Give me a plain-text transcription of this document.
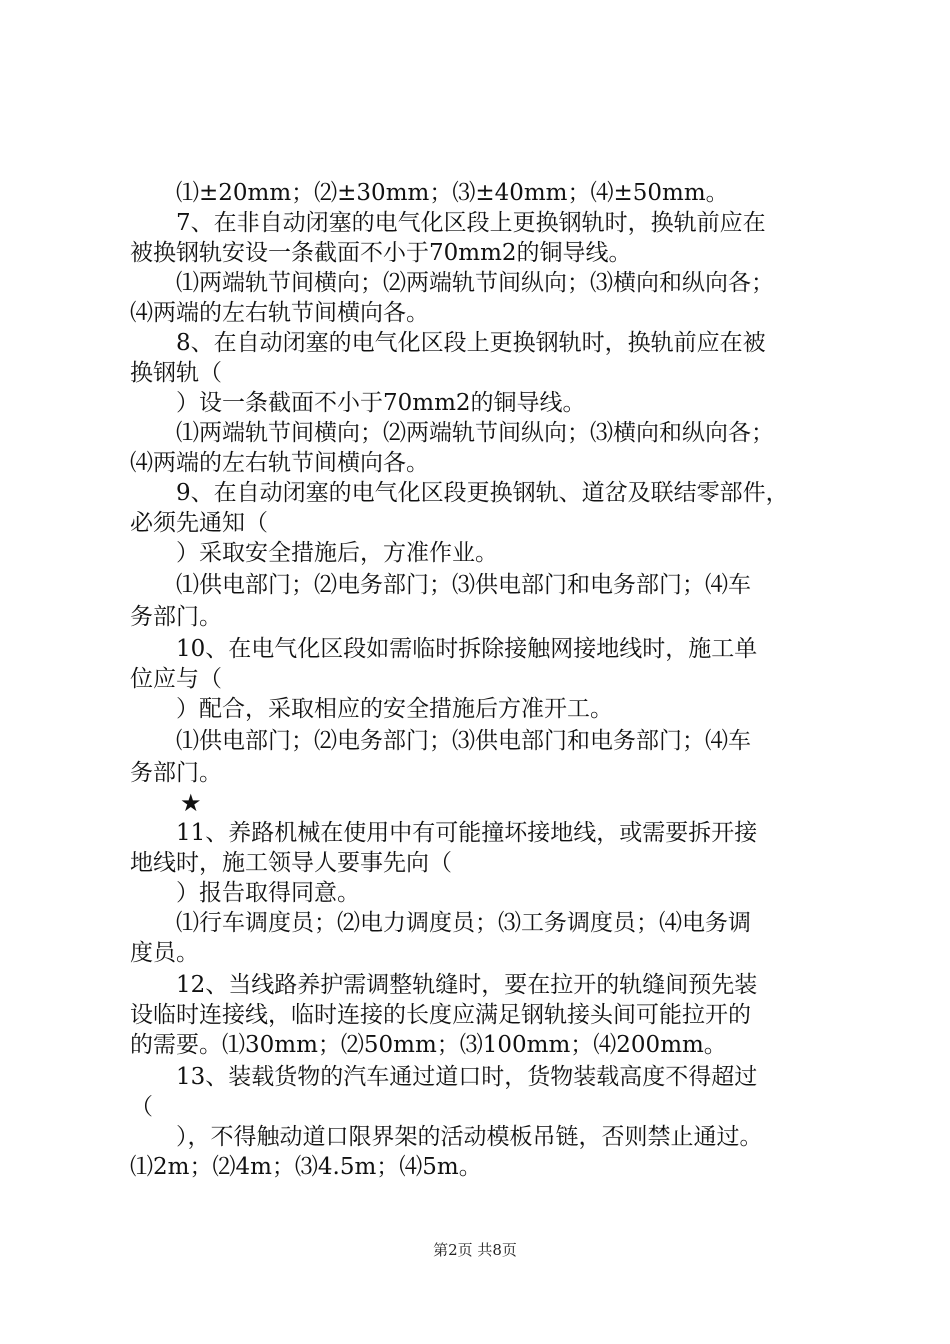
⑴±20mm；⑵±30mm；⑶±40mm；⑷±50mm。
7、在非自动闭塞的电气化区段上更换钢轨时，换轨前应在
被换钢轨安设一条截面不小于70mm2的铜导线。
⑴两端轨节间横向；⑵两端轨节间纵向；⑶横向和纵向各；
⑷两端的左右轨节间横向各。
8、在自动闭塞的电气化区段上更换钢轨时，换轨前应在被
换钢轨（
）设一条截面不小于70mm2的铜导线。
⑴两端轨节间横向；⑵两端轨节间纵向；⑶横向和纵向各；
⑷两端的左右轨节间横向各。
9、在自动闭塞的电气化区段更换钢轨、道岔及联结零部件，
必须先通知（
）采取安全措施后，方准作业。
⑴供电部门；⑵电务部门；⑶供电部门和电务部门；⑷车
务部门。
10、在电气化区段如需临时拆除接触网接地线时，施工单
位应与（
）配合，采取相应的安全措施后方准开工。
⑴供电部门；⑵电务部门；⑶供电部门和电务部门；⑷车
务部门。
★
11、养路机械在使用中有可能撞坏接地线，或需要拆开接
地线时，施工领导人要事先向（
）报告取得同意。
⑴行车调度员；⑵电力调度员；⑶工务调度员；⑷电务调
度员。
12、当线路养护需调整轨缝时，要在拉开的轨缝间预先装
设临时连接线，临时连接的长度应满足钢轨接头间可能拉开的
的需要。⑴30mm；⑵50mm；⑶100mm；⑷200mm。
13、装载货物的汽车通过道口时，货物装载高度不得超过
（
），不得触动道口限界架的活动模板吊链，否则禁止通过。
⑴2m；⑵4m；⑶4.5m；⑷5m。
第2页 共8页
